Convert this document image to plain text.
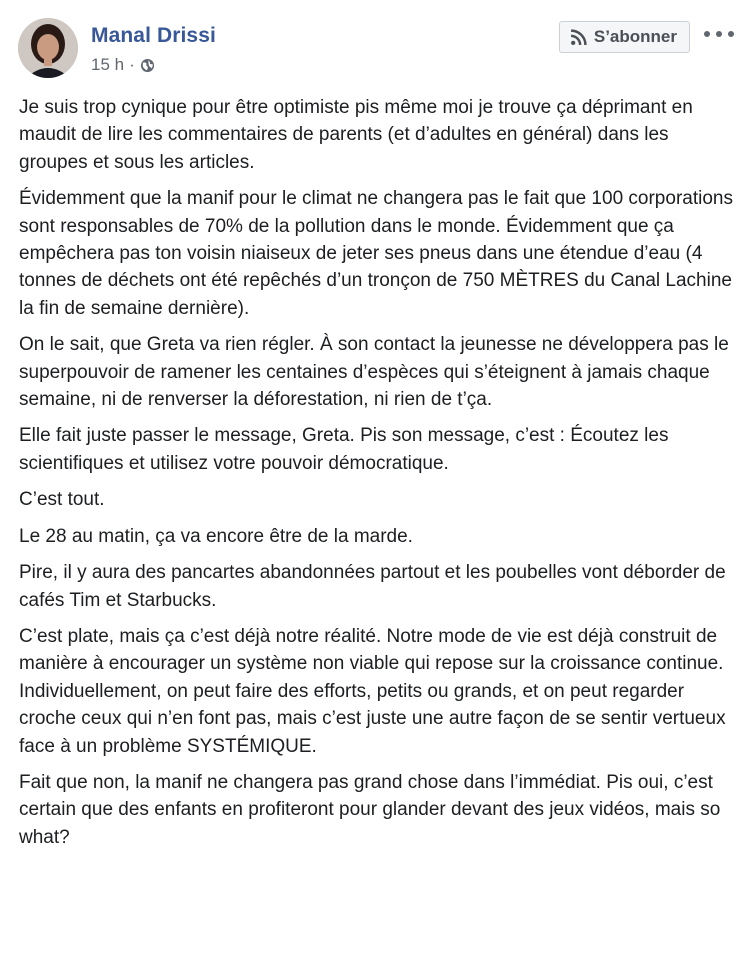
Manal Drissi
15 h ·
S’abonner

Je suis trop cynique pour être optimiste pis même moi je trouve ça déprimant en maudit de lire les commentaires de parents (et d’adultes en général) dans les groupes et sous les articles.

Évidemment que la manif pour le climat ne changera pas le fait que 100 corporations sont responsables de 70% de la pollution dans le monde. Évidemment que ça empêchera pas ton voisin niaiseux de jeter ses pneus dans une étendue d’eau (4 tonnes de déchets ont été repêchés d’un tronçon de 750 MÈTRES du Canal Lachine la fin de semaine dernière).

On le sait, que Greta va rien régler. À son contact la jeunesse ne développera pas le superpouvoir de ramener les centaines d’espèces qui s’éteignent à jamais chaque semaine, ni de renverser la déforestation, ni rien de t’ça.

Elle fait juste passer le message, Greta. Pis son message, c’est : Écoutez les scientifiques et utilisez votre pouvoir démocratique.

C’est tout.

Le 28 au matin, ça va encore être de la marde.

Pire, il y aura des pancartes abandonnées partout et les poubelles vont déborder de cafés Tim et Starbucks.

C’est plate, mais ça c’est déjà notre réalité. Notre mode de vie est déjà construit de manière à encourager un système non viable qui repose sur la croissance continue. Individuellement, on peut faire des efforts, petits ou grands, et on peut regarder croche ceux qui n’en font pas, mais c’est juste une autre façon de se sentir vertueux face à un problème SYSTÉMIQUE.

Fait que non, la manif ne changera pas grand chose dans l’immédiat. Pis oui, c’est certain que des enfants en profiteront pour glander devant des jeux vidéos, mais so what?
